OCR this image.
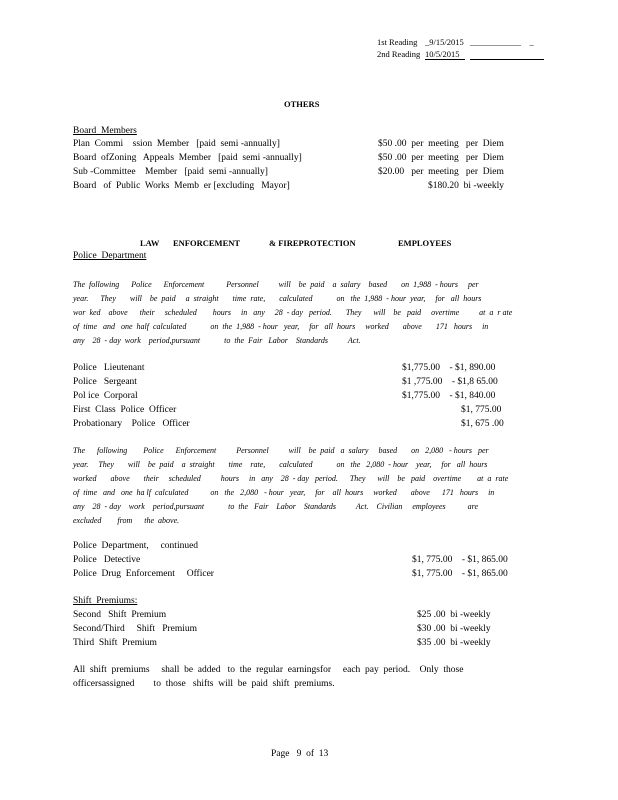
1st Reading _9/15/2015 ____________    _
2nd Reading 10/5/2015
OTHERS
Board  Members
Plan  Commi    ssion  Member   [paid  semi -annually]	$50 .00  per  meeting   per  Diem
Board  ofZoning   Appeals  Member   [paid  semi -annually]	$50 .00  per  meeting   per  Diem
Sub -Committee    Member   [paid  semi -annually]	$20.00   per  meeting   per  Diem
Board   of  Public  Works  Memb  er [excluding   Mayor]	$180.20  bi -weekly
LAW ENFORCEMENT	& FIREPROTECTION	EMPLOYEES
Police  Department
The  following      Police      Enforcement           Personnel          will    be  paid    a  salary    based       on  1,988  - hours     per
year.      They       will    be  paid     a  straight       time  rate,       calculated            on   the  1,988  - hour  year,     for   all  hours
wor  ked    above      their     scheduled        hours     in   any     28  - day   period.       They      will    be   paid     overtime          at  a  r ate
of  time   and   one  half  calculated            on  the  1,988  - hour   year,     for   all  hours     worked       above       171   hours     in
any    28  - day  work    period,pursuant            to  the  Fair   Labor    Standards          Act.
Police   Lieutenant	$1,775.00    - $1, 890.00
Police   Sergeant	$1 ,775.00    - $1,8 65.00
Pol ice  Corporal	$1,775.00    - $1, 840.00
First  Class  Police  Officer	$1, 775.00
Probationary    Police   Officer	$1, 675 .00
The      following        Police      Enforcement          Personnel          will    be  paid   a  salary     based       on   2,080   - hours   per
year.     They       will    be  paid    a  straight       time    rate,       calculated            on   the   2,080  - hour    year,     for   all  hours
worked       above       their     scheduled          hours     in   any    28  - day   period.      They      will    be   paid    overtime        at  a  rate
of  time   and   one  ha lf  calculated           on   the   2,080   - hour   year,     for    all  hours     worked       above      171   hours     in
any    28  - day    work    period,pursuant            to  the   Fair    Labor    Standards          Act.    Civilian     employees           are
excluded        from      the  above.
Police  Department,     continued
Police   Detective	$1, 775.00    - $1, 865.00
Police  Drug  Enforcement     Officer	$1, 775.00    - $1, 865.00
Shift  Premiums:
Second   Shift  Premium	$25 .00  bi -weekly
Second/Third     Shift   Premium	$30 .00  bi -weekly
Third  Shift  Premium	$35 .00  bi -weekly
All  shift  premiums     shall  be  added   to  the  regular  earningsfor     each  pay  period.    Only  those
officersassigned        to  those   shifts  will  be  paid  shift  premiums.
Page   9  of  13
